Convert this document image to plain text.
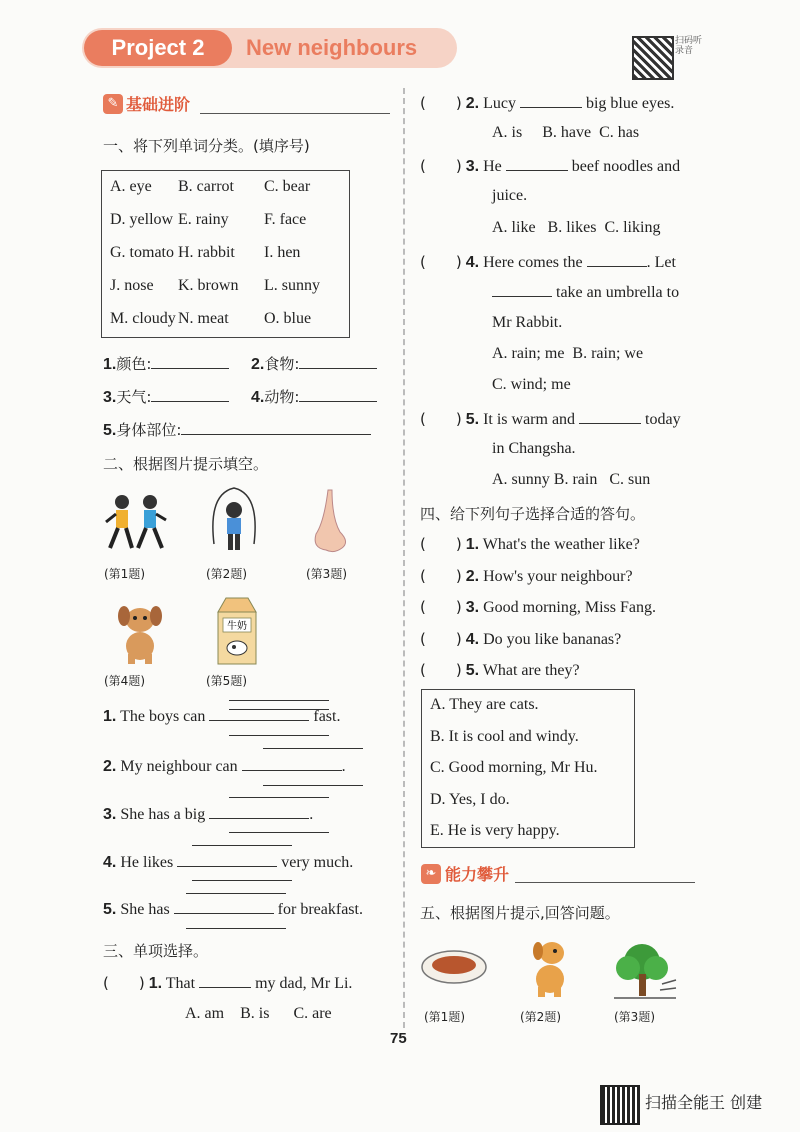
Project 2	New neighbours	扫码听录音
✎ 基础进阶
一、将下列单词分类。(填序号)
A. eye B. carrot C. bear
D. yellow E. rainy F. face
G. tomato H. rabbit I. hen
J. nose K. brown L. sunny
M. cloudy N. meat O. blue
1.颜色:	2.食物:
3.天气:	4.动物:
5.身体部位:
二、根据图片提示填空。
(第1题)	(第2题)	(第3题)
牛奶
(第4题)	(第5题)
1. The boys can	fast.
2. My neighbour can	.
3. She has a big	.
4. He likes	very much.
5. She has	for breakfast.
三、单项选择。
(　　) 1. That	my dad, Mr Li.
A. am B. is C. are
(　　) 2. Lucy	big blue eyes.
A. is B. have C. has
(　　) 3. He	beef noodles and
juice.
A. like B. likes C. liking
(　　) 4. Here comes the	. Let
take an umbrella to
Mr Rabbit.
A. rain; me B. rain; we
C. wind; me
(　　) 5. It is warm and	today
in Changsha.
A. sunny B. rain C. sun
四、给下列句子选择合适的答句。
(　　) 1. What's the weather like?
(　　) 2. How's your neighbour?
(　　) 3. Good morning, Miss Fang.
(　　) 4. Do you like bananas?
(　　) 5. What are they?
A. They are cats.
B. It is cool and windy.
C. Good morning, Mr Hu.
D. Yes, I do.
E. He is very happy.
❧ 能力攀升
五、根据图片提示,回答问题。
(第1题)	(第2题)	(第3题)
75
扫描全能王 创建
